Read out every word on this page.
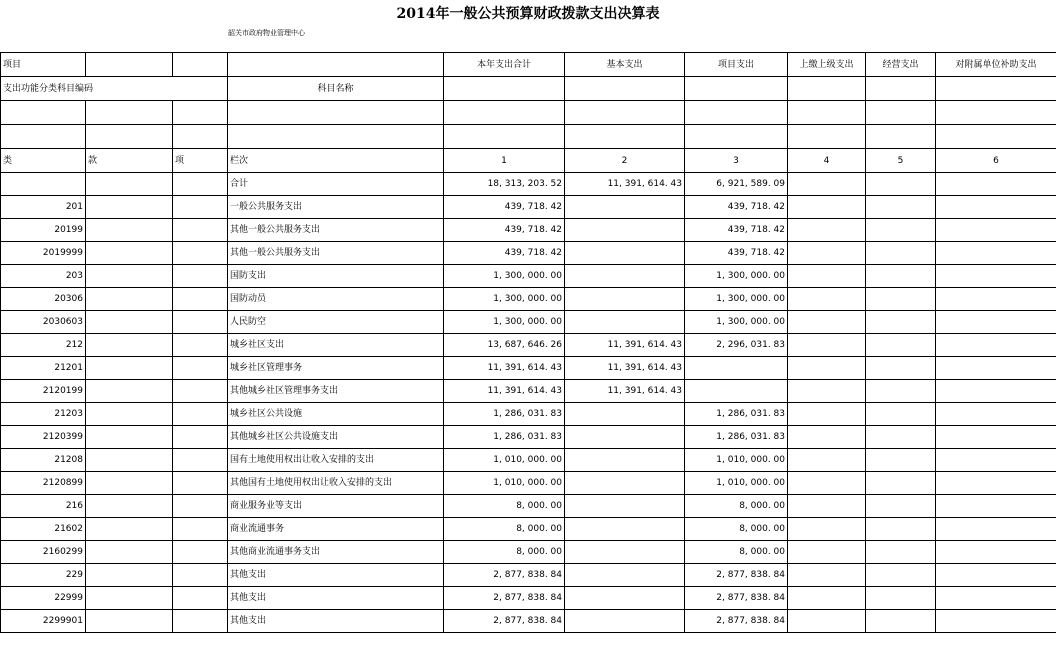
2014年一般公共预算财政拨款支出决算表
韶关市政府物业管理中心
项目				本年支出合计	基本支出	项目支出	上缴上级支出	经营支出	对附属单位补助支出
支出功能分类科目编码			科目名称						

类	款	项	栏次	1	2	3	4	5	6
			合计	18, 313, 203. 52	11, 391, 614. 43	6, 921, 589. 09			
201			一般公共服务支出	439, 718. 42		439, 718. 42			
20199			其他一般公共服务支出	439, 718. 42		439, 718. 42			
2019999			其他一般公共服务支出	439, 718. 42		439, 718. 42			
203			国防支出	1, 300, 000. 00		1, 300, 000. 00			
20306			国防动员	1, 300, 000. 00		1, 300, 000. 00			
2030603			人民防空	1, 300, 000. 00		1, 300, 000. 00			
212			城乡社区支出	13, 687, 646. 26	11, 391, 614. 43	2, 296, 031. 83			
21201			城乡社区管理事务	11, 391, 614. 43	11, 391, 614. 43				
2120199			其他城乡社区管理事务支出	11, 391, 614. 43	11, 391, 614. 43				
21203			城乡社区公共设施	1, 286, 031. 83		1, 286, 031. 83			
2120399			其他城乡社区公共设施支出	1, 286, 031. 83		1, 286, 031. 83			
21208			国有土地使用权出让收入安排的支出	1, 010, 000. 00		1, 010, 000. 00			
2120899			其他国有土地使用权出让收入安排的支出	1, 010, 000. 00		1, 010, 000. 00			
216			商业服务业等支出	8, 000. 00		8, 000. 00			
21602			商业流通事务	8, 000. 00		8, 000. 00			
2160299			其他商业流通事务支出	8, 000. 00		8, 000. 00			
229			其他支出	2, 877, 838. 84		2, 877, 838. 84			
22999			其他支出	2, 877, 838. 84		2, 877, 838. 84			
2299901			其他支出	2, 877, 838. 84		2, 877, 838. 84			
